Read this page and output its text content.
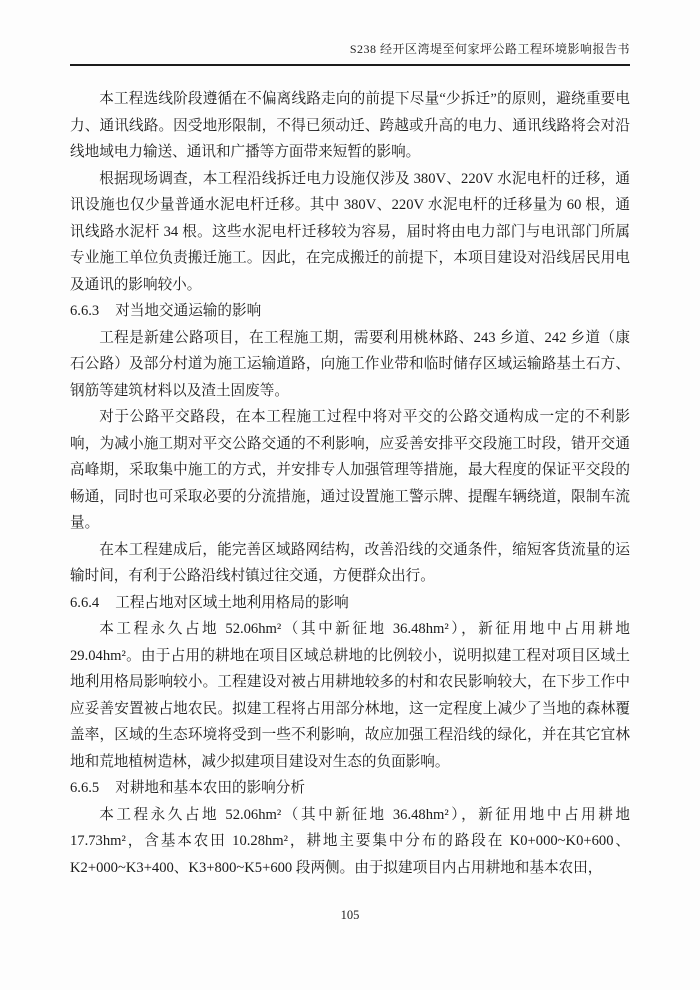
S238 经开区湾堤至何家坪公路工程环境影响报告书

本工程选线阶段遵循在不偏离线路走向的前提下尽量“少拆迁”的原则，避绕重要电力、通讯线路。因受地形限制，不得已须动迁、跨越或升高的电力、通讯线路将会对沿线地域电力输送、通讯和广播等方面带来短暂的影响。

根据现场调查，本工程沿线拆迁电力设施仅涉及 380V、220V 水泥电杆的迁移，通讯设施也仅少量普通水泥电杆迁移。其中 380V、220V 水泥电杆的迁移量为 60 根，通讯线路水泥杆 34 根。这些水泥电杆迁移较为容易，届时将由电力部门与电讯部门所属专业施工单位负责搬迁施工。因此，在完成搬迁的前提下，本项目建设对沿线居民用电及通讯的影响较小。

6.6.3 对当地交通运输的影响

工程是新建公路项目，在工程施工期，需要利用桃林路、243 乡道、242 乡道（康石公路）及部分村道为施工运输道路，向施工作业带和临时储存区域运输路基土石方、钢筋等建筑材料以及渣土固废等。

对于公路平交路段，在本工程施工过程中将对平交的公路交通构成一定的不利影响，为减小施工期对平交公路交通的不利影响，应妥善安排平交段施工时段，错开交通高峰期，采取集中施工的方式，并安排专人加强管理等措施，最大程度的保证平交段的畅通，同时也可采取必要的分流措施，通过设置施工警示牌、提醒车辆绕道，限制车流量。

在本工程建成后，能完善区域路网结构，改善沿线的交通条件，缩短客货流量的运输时间，有利于公路沿线村镇过往交通，方便群众出行。

6.6.4 工程占地对区域土地利用格局的影响

本工程永久占地 52.06hm²（其中新征地 36.48hm²），新征用地中占用耕地 29.04hm²。由于占用的耕地在项目区域总耕地的比例较小，说明拟建工程对项目区域土地利用格局影响较小。工程建设对被占用耕地较多的村和农民影响较大，在下步工作中应妥善安置被占地农民。拟建工程将占用部分林地，这一定程度上减少了当地的森林覆盖率，区域的生态环境将受到一些不利影响，故应加强工程沿线的绿化，并在其它宜林地和荒地植树造林，减少拟建项目建设对生态的负面影响。

6.6.5 对耕地和基本农田的影响分析

本工程永久占地 52.06hm²（其中新征地 36.48hm²），新征用地中占用耕地 17.73hm²，含基本农田 10.28hm²，耕地主要集中分布的路段在 K0+000~K0+600、K2+000~K3+400、K3+800~K5+600 段两侧。由于拟建项目内占用耕地和基本农田，

105
